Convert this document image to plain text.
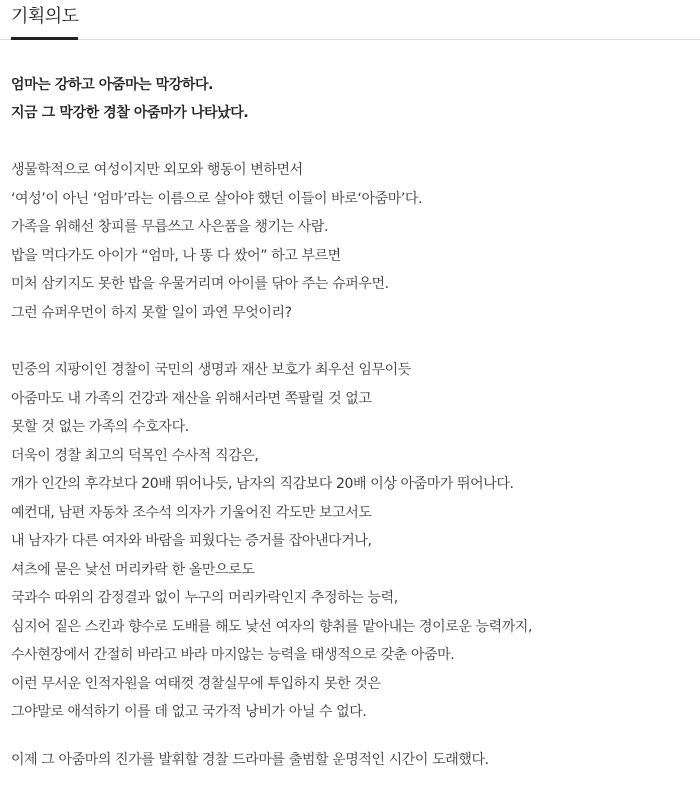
기획의도
엄마는 강하고 아줌마는 막강하다.
지금 그 막강한 경찰 아줌마가 나타났다.
생물학적으로 여성이지만 외모와 행동이 변하면서
‘여성’이 아닌 ‘엄마’라는 이름으로 살아야 했던 이들이 바로‘아줌마’다.
가족을 위해선 창피를 무릅쓰고 사은품을 챙기는 사람.
밥을 먹다가도 아이가 “엄마, 나 똥 다 쌌어” 하고 부르면
미처 삼키지도 못한 밥을 우물거리며 아이를 닦아 주는 슈퍼우먼.
그런 슈퍼우먼이 하지 못할 일이 과연 무엇이리?
민중의 지팡이인 경찰이 국민의 생명과 재산 보호가 최우선 임무이듯
아줌마도 내 가족의 건강과 재산을 위해서라면 쪽팔릴 것 없고
못할 것 없는 가족의 수호자다.
더욱이 경찰 최고의 덕목인 수사적 직감은,
개가 인간의 후각보다 20배 뛰어나듯, 남자의 직감보다 20배 이상 아줌마가 뛰어나다.
예컨대, 남편 자동차 조수석 의자가 기울어진 각도만 보고서도
내 남자가 다른 여자와 바람을 피웠다는 증거를 잡아낸다거나,
셔츠에 묻은 낯선 머리카락 한 올만으로도
국과수 따위의 감정결과 없이 누구의 머리카락인지 추정하는 능력,
심지어 짙은 스킨과 향수로 도배를 해도 낯선 여자의 향취를 맡아내는 경이로운 능력까지,
수사현장에서 간절히 바라고 바라 마지않는 능력을 태생적으로 갖춘 아줌마.
이런 무서운 인적자원을 여태껏 경찰실무에 투입하지 못한 것은
그야말로 애석하기 이를 데 없고 국가적 낭비가 아닐 수 없다.
이제 그 아줌마의 진가를 발휘할 경찰 드라마를 출범할 운명적인 시간이 도래했다.
